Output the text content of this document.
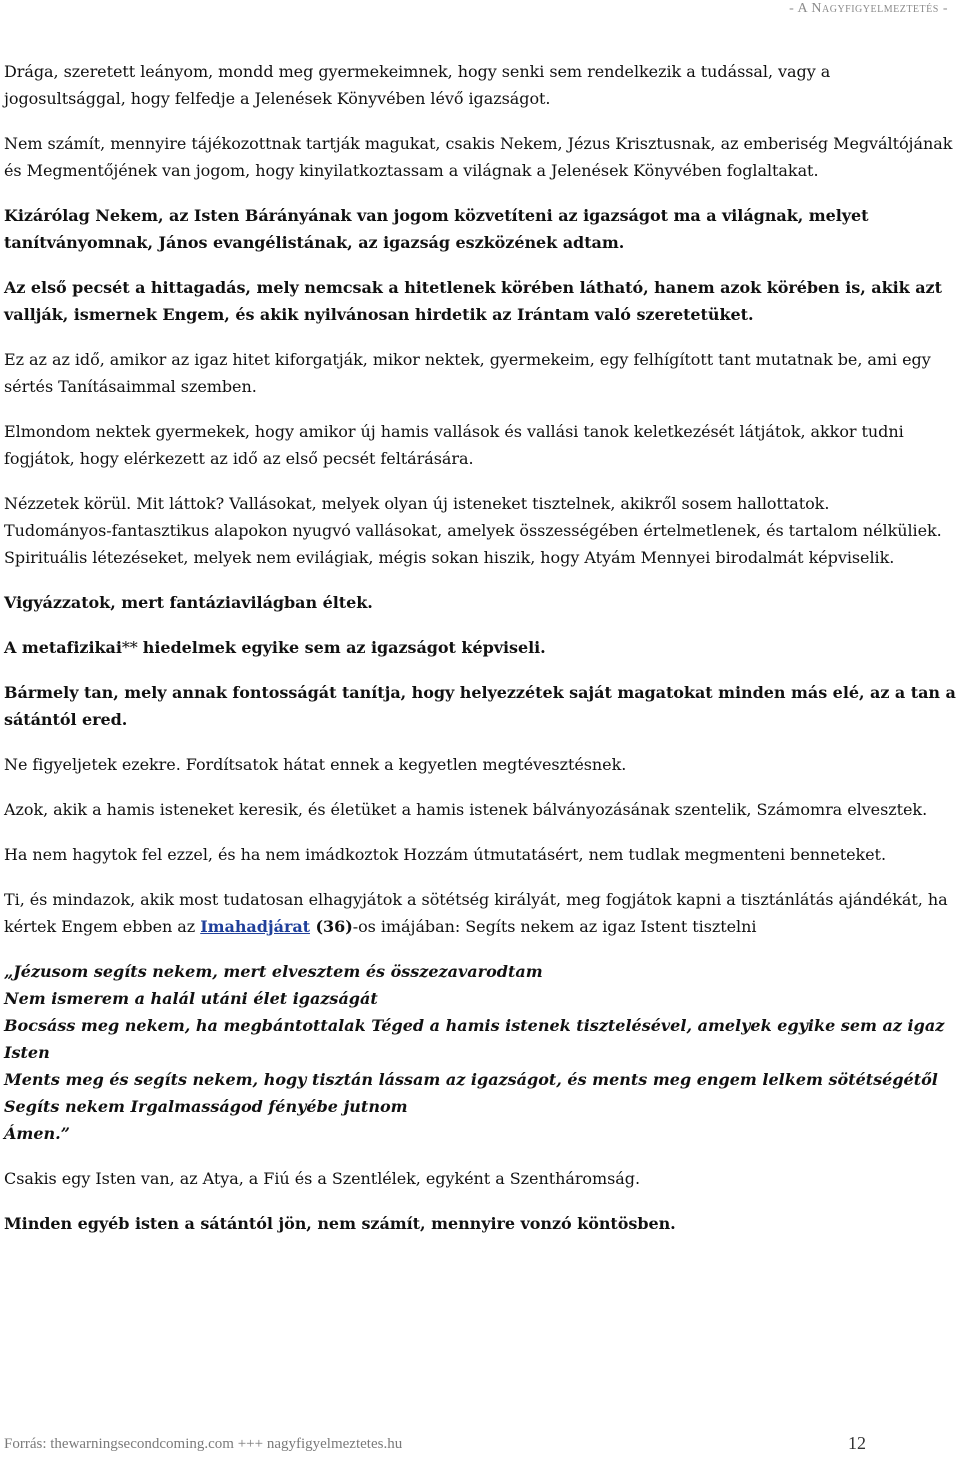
- A Nagyfigyelmeztetés -

Drága, szeretett leányom, mondd meg gyermekeimnek, hogy senki sem rendelkezik a tudással, vagy a jogosultsággal, hogy felfedje a Jelenések Könyvében lévő igazságot.

Nem számít, mennyire tájékozottnak tartják magukat, csakis Nekem, Jézus Krisztusnak, az emberiség Megváltójának és Megmentőjének van jogom, hogy kinyilatkoztassam a világnak a Jelenések Könyvében foglaltakat.

Kizárólag Nekem, az Isten Bárányának van jogom közvetíteni az igazságot ma a világnak, melyet tanítványomnak, János evangélistának, az igazság eszközének adtam.

Az első pecsét a hittagadás, mely nemcsak a hitetlenek körében látható, hanem azok körében is, akik azt vallják, ismernek Engem, és akik nyilvánosan hirdetik az Irántam való szeretetüket.

Ez az az idő, amikor az igaz hitet kiforgatják, mikor nektek, gyermekeim, egy felhígított tant mutatnak be, ami egy sértés Tanításaimmal szemben.

Elmondom nektek gyermekek, hogy amikor új hamis vallások és vallási tanok keletkezését látjátok, akkor tudni fogjátok, hogy elérkezett az idő az első pecsét feltárására.

Nézzetek körül. Mit láttok? Vallásokat, melyek olyan új isteneket tisztelnek, akikről sosem hallottatok.

Tudományos-fantasztikus alapokon nyugvó vallásokat, amelyek összességében értelmetlenek, és tartalom nélküliek. Spirituális létezéseket, melyek nem evilágiak, mégis sokan hiszik, hogy Atyám Mennyei birodalmát képviselik.

Vigyázzatok, mert fantáziavilágban éltek.

A metafizikai** hiedelmek egyike sem az igazságot képviseli.

Bármely tan, mely annak fontosságát tanítja, hogy helyezzétek saját magatokat minden más elé, az a tan a sátántól ered.

Ne figyeljetek ezekre. Fordítsatok hátat ennek a kegyetlen megtévesztésnek.

Azok, akik a hamis isteneket keresik, és életüket a hamis istenek bálványozásának szentelik, Számomra elvesztek.

Ha nem hagytok fel ezzel, és ha nem imádkoztok Hozzám útmutatásért, nem tudlak megmenteni benneteket.

Ti, és mindazok, akik most tudatosan elhagyjátok a sötétség királyát, meg fogjátok kapni a tisztánlátás ajándékát, ha kértek Engem ebben az Imahadjárat (36)-os imájában: Segíts nekem az igaz Istent tisztelni

„Jézusom segíts nekem, mert elvesztem és összezavarodtam
Nem ismerem a halál utáni élet igazságát
Bocsáss meg nekem, ha megbántottalak Téged a hamis istenek tisztelésével, amelyek egyike sem az igaz Isten
Ments meg és segíts nekem, hogy tisztán lássam az igazságot, és ments meg engem lelkem sötétségétől
Segíts nekem Irgalmasságod fényébe jutnom
Ámen.”

Csakis egy Isten van, az Atya, a Fiú és a Szentlélek, egyként a Szentháromság.

Minden egyéb isten a sátántól jön, nem számít, mennyire vonzó köntösben.

Forrás: thewarningsecondcoming.com +++ nagyfigyelmeztetes.hu	12
